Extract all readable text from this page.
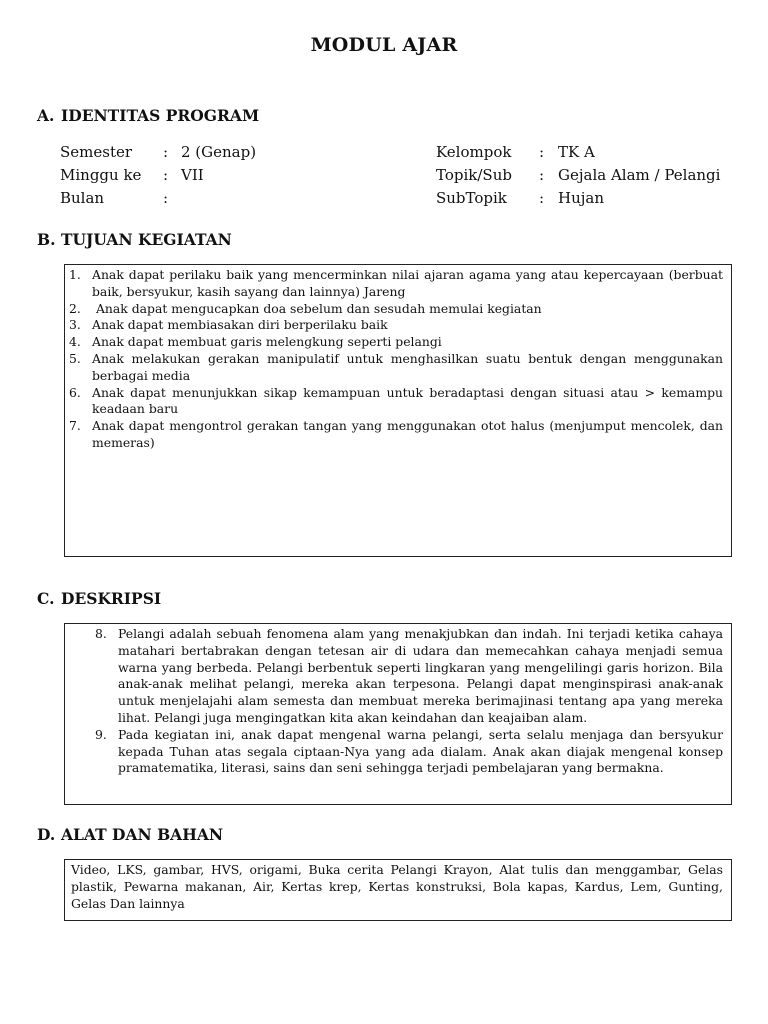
MODUL AJAR
A. IDENTITAS PROGRAM
Semester	: 2 (Genap)
Minggu ke	: VII
Bulan	:
Kelompok	: TK A
Topik/Sub	: Gejala Alam / Pelangi
SubTopik	: Hujan
B. TUJUAN KEGIATAN
1. Anak dapat perilaku baik yang mencerminkan nilai ajaran agama yang atau kepercayaan (berbuat baik, bersyukur, kasih sayang dan lainnya) Jareng
2. Anak dapat mengucapkan doa sebelum dan sesudah memulai kegiatan
3. Anak dapat membiasakan diri berperilaku baik
4. Anak dapat membuat garis melengkung seperti pelangi
5. Anak melakukan gerakan manipulatif untuk menghasilkan suatu bentuk dengan menggunakan berbagai media
6. Anak dapat menunjukkan sikap kemampuan untuk beradaptasi dengan situasi atau > kemampu keadaan baru
7. Anak dapat mengontrol gerakan tangan yang menggunakan otot halus (menjumput mencolek, dan memeras)
C. DESKRIPSI
8. Pelangi adalah sebuah fenomena alam yang menakjubkan dan indah. Ini terjadi ketika cahaya matahari bertabrakan dengan tetesan air di udara dan memecahkan cahaya menjadi semua warna yang berbeda. Pelangi berbentuk seperti lingkaran yang mengelilingi garis horizon. Bila anak-anak melihat pelangi, mereka akan terpesona. Pelangi dapat menginspirasi anak-anak untuk menjelajahi alam semesta dan membuat mereka berimajinasi tentang apa yang mereka lihat. Pelangi juga mengingatkan kita akan keindahan dan keajaiban alam.
9. Pada kegiatan ini, anak dapat mengenal warna pelangi, serta selalu menjaga dan bersyukur kepada Tuhan atas segala ciptaan-Nya yang ada dialam. Anak akan diajak mengenal konsep pramatematika, literasi, sains dan seni sehingga terjadi pembelajaran yang bermakna.
D. ALAT DAN BAHAN
Video, LKS, gambar, HVS, origami, Buka cerita Pelangi Krayon, Alat tulis dan menggambar, Gelas plastik, Pewarna makanan, Air, Kertas krep, Kertas konstruksi, Bola kapas, Kardus, Lem, Gunting, Gelas Dan lainnya
